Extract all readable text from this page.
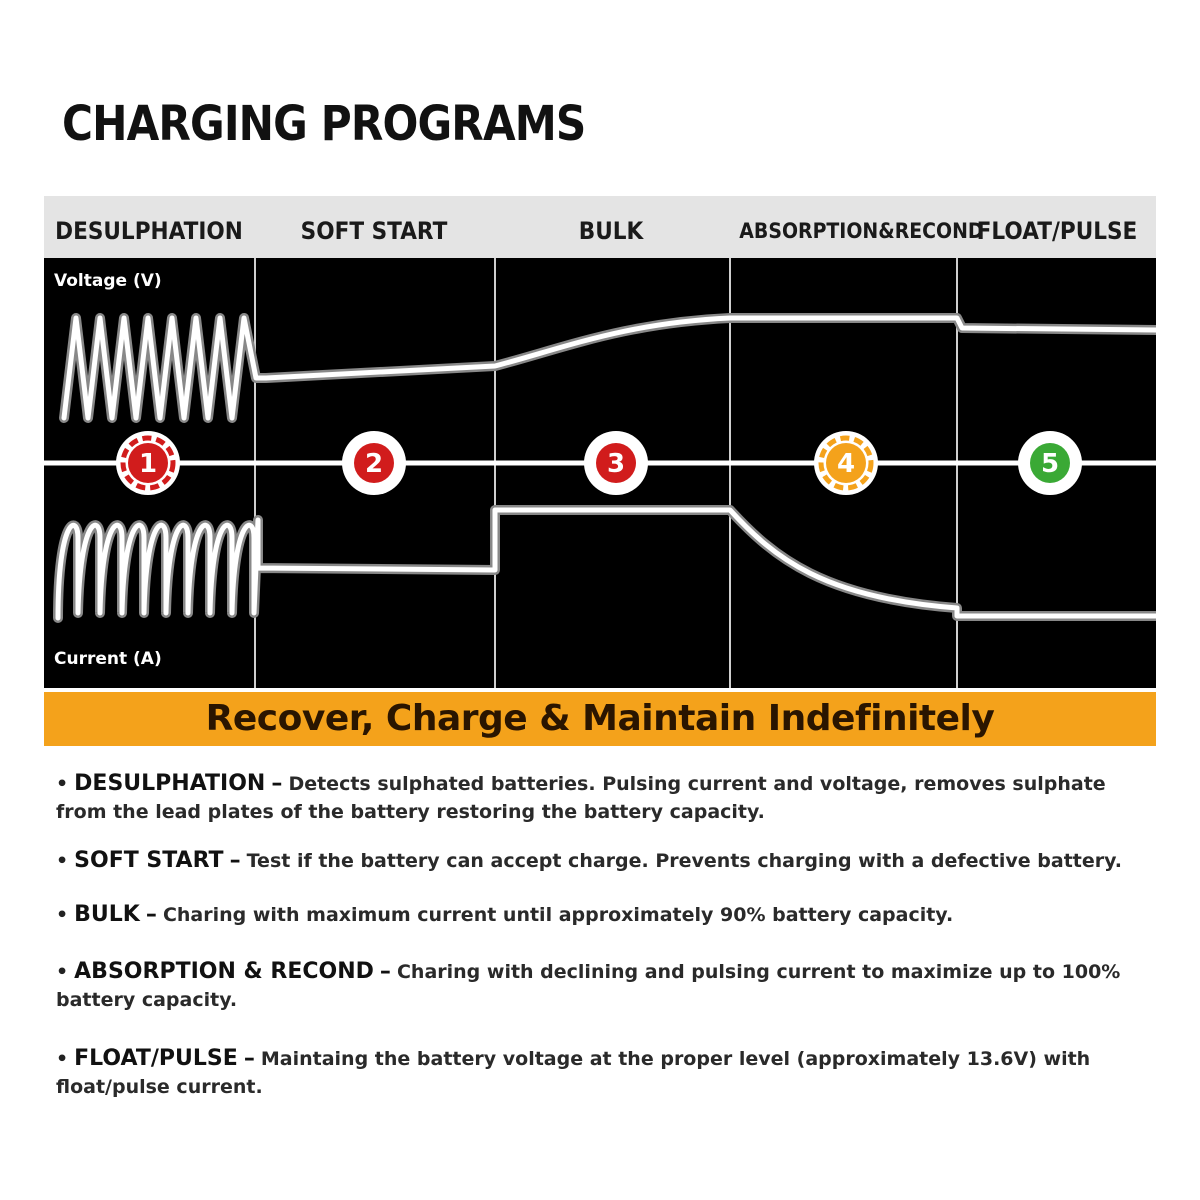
CHARGING PROGRAMS
DESULPHATION	SOFT START	BULK	ABSORPTION&RECOND
FLOAT/PULSE
Voltage (V)
Current (A)
1	2	3	4	5
Recover, Charge & Maintain Indefinitely
• DESULPHATION – Detects sulphated batteries. Pulsing current and voltage, removes sulphate from the lead plates of the battery restoring the battery capacity.
• SOFT START – Test if the battery can accept charge. Prevents charging with a defective battery.
• BULK – Charing with maximum current until approximately 90% battery capacity.
• ABSORPTION & RECOND – Charing with declining and pulsing current to maximize up to 100% battery capacity.
• FLOAT/PULSE – Maintaing the battery voltage at the proper level (approximately 13.6V) with float/pulse current.
